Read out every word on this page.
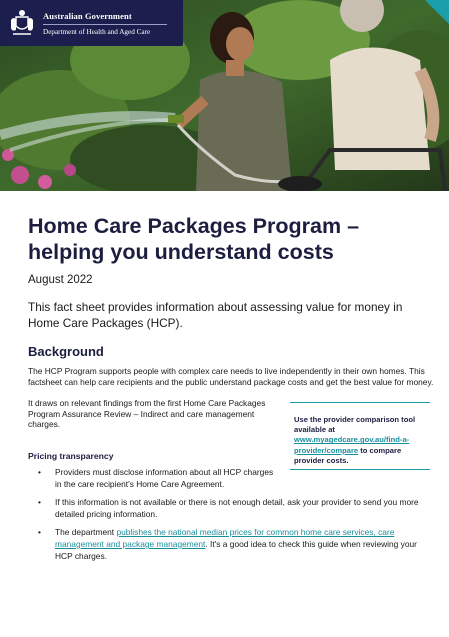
Australian Government
Department of Health and Aged Care
Home Care Packages Program – helping you understand costs
August 2022
This fact sheet provides information about assessing value for money in Home Care Packages (HCP).
Background
The HCP Program supports people with complex care needs to live independently in their own homes. This factsheet can help care recipients and the public understand package costs and get the best value for money.
It draws on relevant findings from the first Home Care Packages Program Assurance Review – Indirect and care management charges.	Use the provider comparison tool available at www.myagedcare.gov.au/find-a-provider/compare to compare provider costs.
Pricing transparency
• Providers must disclose information about all HCP charges in the care recipient's Home Care Agreement.
• If this information is not available or there is not enough detail, ask your provider to send you more detailed pricing information.
• The department publishes the national median prices for common home care services, care management and package management. It's a good idea to check this guide when reviewing your HCP charges.
